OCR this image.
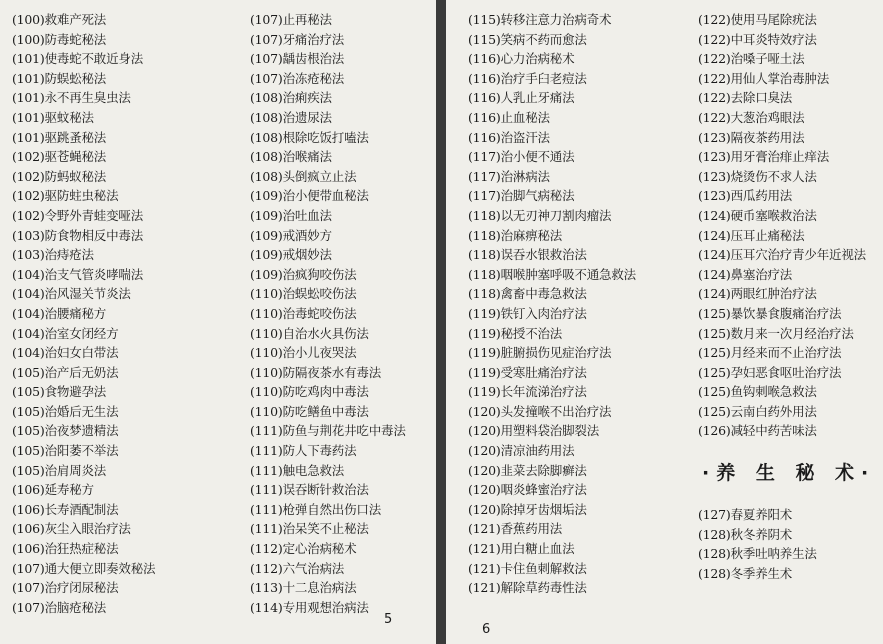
(100)救难产死法
(100)防毒蛇秘法
(101)使毒蛇不敢近身法
(101)防蜈蚣秘法
(101)永不再生臭虫法
(101)驱蚊秘法
(101)驱跳蚤秘法
(102)驱苍蝇秘法
(102)防蚂蚁秘法
(102)驱防蛀虫秘法
(102)令野外青蛙变哑法
(103)防食物相反中毒法
(103)治痔疮法
(104)治支气管炎哮喘法
(104)治风湿关节炎法
(104)治腰痛秘方
(104)治室女闭经方
(104)治妇女白带法
(105)治产后无奶法
(105)食物避孕法
(105)治婚后无生法
(105)治夜梦遗精法
(105)治阳萎不举法
(105)治肩周炎法
(106)延寿秘方
(106)长寿酒配制法
(106)灰尘入眼治疗法
(106)治狂热症秘法
(107)通大便立即奏效秘法
(107)治疗闭尿秘法
(107)治脑疮秘法
(107)止再秘法
(107)牙痛治疗法
(107)龋齿根治法
(107)治冻疮秘法
(108)治痢疾法
(108)治遗尿法
(108)根除吃饭打嗑法
(108)治喉痛法
(108)头倒疯立止法
(109)治小便带血秘法
(109)治吐血法
(109)戒酒妙方
(109)戒烟妙法
(109)治疯狗咬伤法
(110)治蜈蚣咬伤法
(110)治毒蛇咬伤法
(110)自治水火具伤法
(110)治小儿夜哭法
(110)防隔夜茶水有毒法
(110)防吃鸡肉中毒法
(110)防吃鳝鱼中毒法
(111)防鱼与荆花井吃中毒法
(111)防人下毒药法
(111)触电急救法
(111)误吞断针救治法
(111)枪弹自然出伤口法
(111)治呆笑不止秘法
(112)定心治病秘术
(112)六气治病法
(113)十二息治病法
(114)专用观想治病法
5
(115)转移注意力治病奇术
(115)笑病不药而愈法
(116)心力治病秘术
(116)治疗手臼老痘法
(116)人乳止牙痛法
(116)止血秘法
(116)治盗汗法
(117)治小便不通法
(117)治淋病法
(117)治脚气病秘法
(118)以无刃神刀割肉瘤法
(118)治麻痹秘法
(118)误吞水银救治法
(118)咽喉肿塞呼吸不通急救法
(118)禽畜中毒急救法
(119)铁钉入肉治疗法
(119)秘授不治法
(119)脏腑损伤见症治疗法
(119)受寒肚痛治疗法
(119)长年流涕治疗法
(120)头发撞喉不出治疗法
(120)用塑料袋治脚裂法
(120)清凉油药用法
(120)韭菜去除脚癣法
(120)咽炎蜂蜜治疗法
(120)除掉牙齿烟垢法
(121)香蕉药用法
(121)用白糖止血法
(121)卡住鱼刺解救法
(121)解除草药毒性法
(122)使用马尾除疣法
(122)中耳炎特效疗法
(122)治嗓子哑土法
(122)用仙人掌治毒肿法
(122)去除口臭法
(122)大葱治鸡眼法
(123)隔夜茶药用法
(123)用牙膏治痱止痒法
(123)烧烫伤不求人法
(123)西瓜药用法
(124)硬币塞喉救治法
(124)压耳止痛秘法
(124)压耳穴治疗青少年近视法
(124)鼻塞治疗法
(124)两眼红肿治疗法
(125)暴饮暴食腹痛治疗法
(125)数月来一次月经治疗法
(125)月经来而不止治疗法
(125)孕妇恶食呕吐治疗法
(125)鱼钩刺喉急救法
(125)云南白药外用法
(126)减轻中药苦味法
·养 生 秘 术·
(127)春夏养阳术
(128)秋冬养阴术
(128)秋季吐呐养生法
(128)冬季养生术
6
